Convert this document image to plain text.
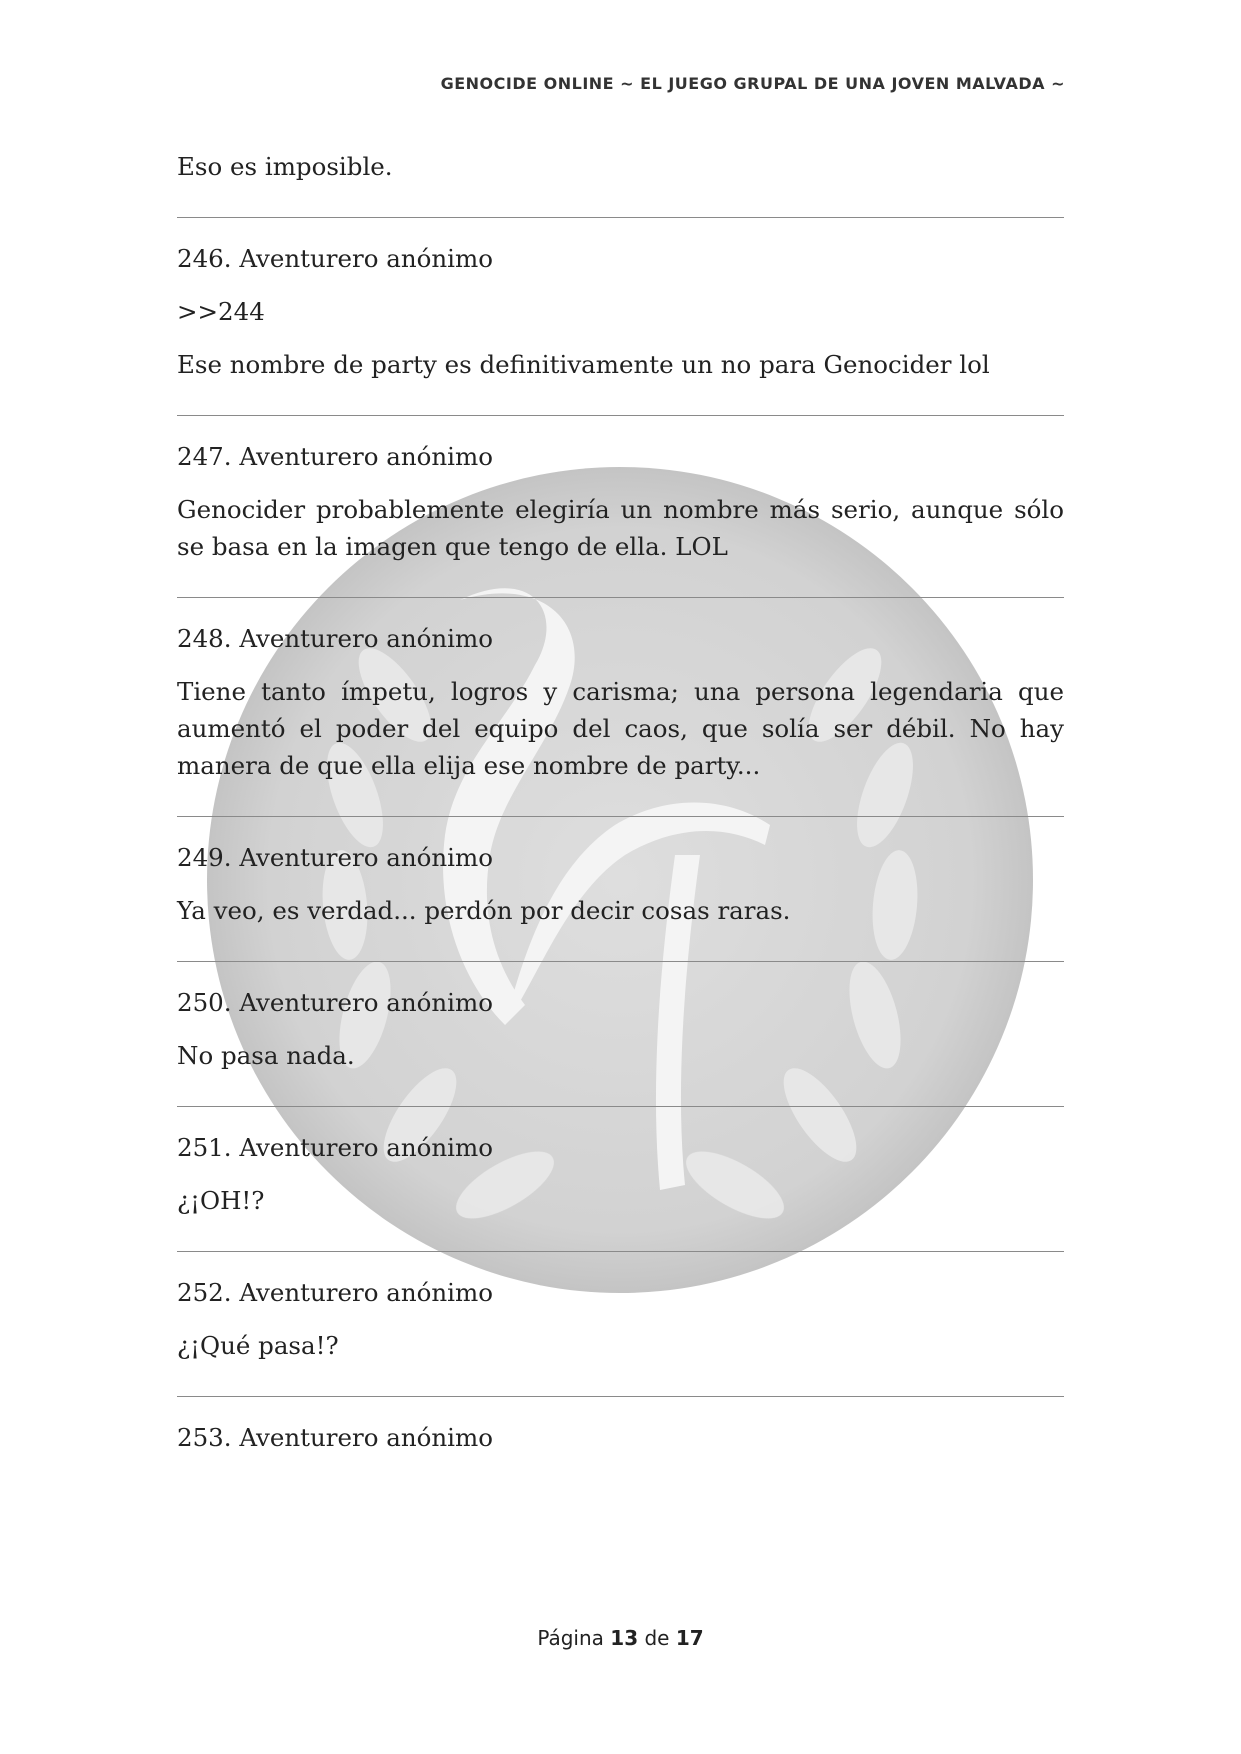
GENOCIDE ONLINE ~ EL JUEGO GRUPAL DE UNA JOVEN MALVADA ~

Eso es imposible.

246. Aventurero anónimo

>>244

Ese nombre de party es definitivamente un no para Genocider lol

247. Aventurero anónimo

Genocider probablemente elegiría un nombre más serio, aunque sólo se basa en la imagen que tengo de ella. LOL

248. Aventurero anónimo

Tiene tanto ímpetu, logros y carisma; una persona legendaria que aumentó el poder del equipo del caos, que solía ser débil. No hay manera de que ella elija ese nombre de party...

249. Aventurero anónimo

Ya veo, es verdad... perdón por decir cosas raras.

250. Aventurero anónimo

No pasa nada.

251. Aventurero anónimo

¿¡OH!?

252. Aventurero anónimo

¿¡Qué pasa!?

253. Aventurero anónimo

Página 13 de 17
